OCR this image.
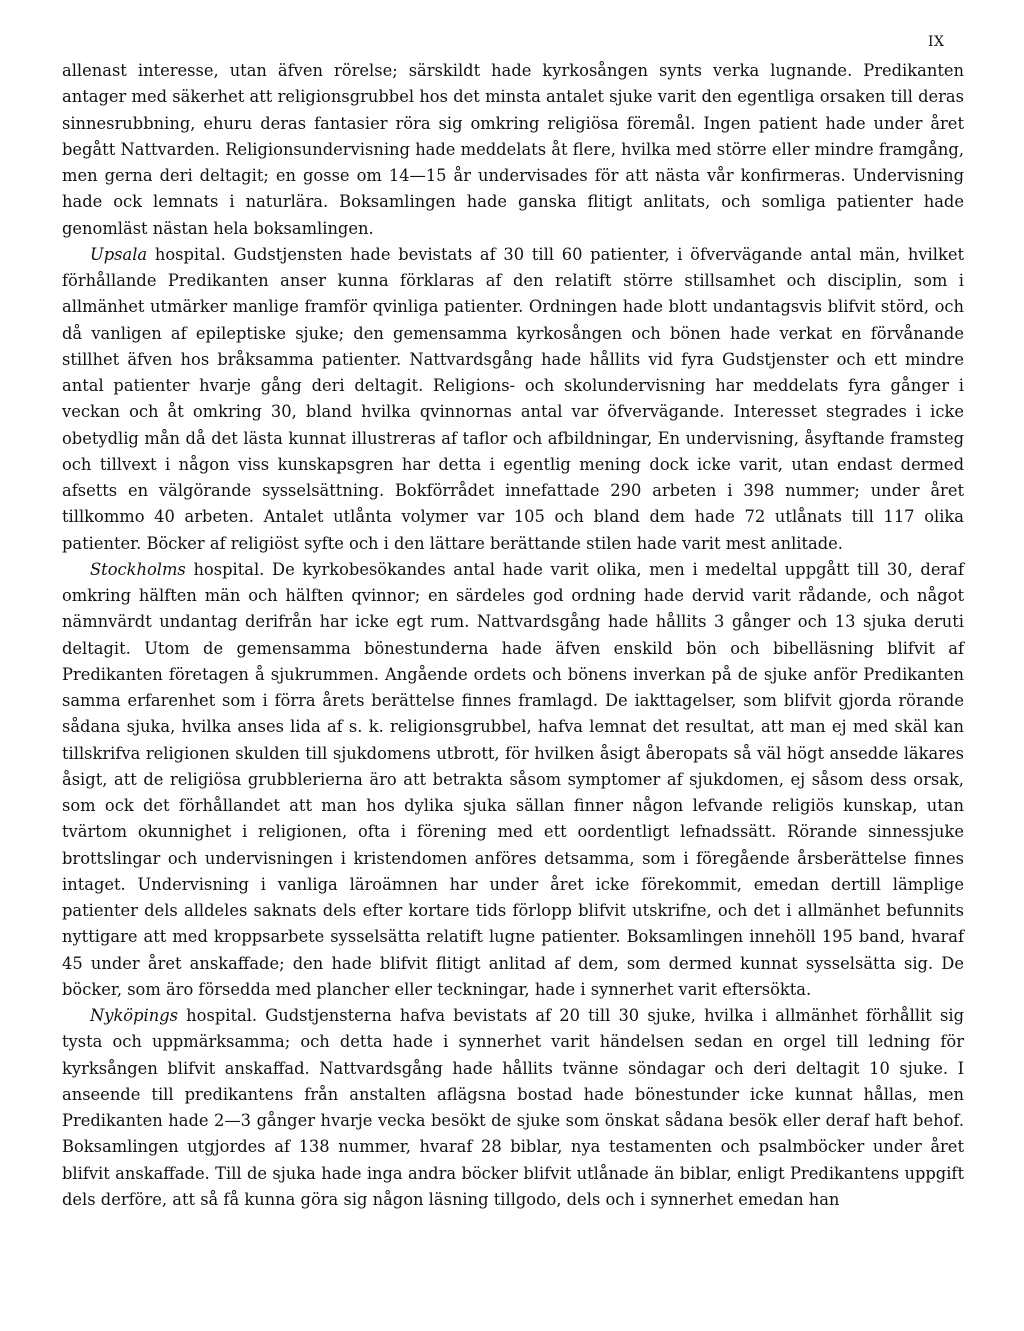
IX

allenast interesse, utan äfven rörelse; särskildt hade kyrkosången synts verka lugnande. Predikanten antager med säkerhet att religionsgrubbel hos det minsta antalet sjuke varit den egentliga orsaken till deras sinnesrubbning, ehuru deras fantasier röra sig omkring religiösa föremål. Ingen patient hade under året begått Nattvarden. Religionsundervisning hade meddelats åt flere, hvilka med större eller mindre framgång, men gerna deri deltagit; en gosse om 14—15 år undervisades för att nästa vår konfirmeras. Undervisning hade ock lemnats i naturlära. Boksamlingen hade ganska flitigt anlitats, och somliga patienter hade genomläst nästan hela boksamlingen.

Upsala hospital. Gudstjensten hade bevistats af 30 till 60 patienter, i öfvervägande antal män, hvilket förhållande Predikanten anser kunna förklaras af den relatift större stillsamhet och disciplin, som i allmänhet utmärker manlige framför qvinliga patienter. Ordningen hade blott undantagsvis blifvit störd, och då vanligen af epileptiske sjuke; den gemensamma kyrkosången och bönen hade verkat en förvånande stillhet äfven hos bråksamma patienter. Nattvardsgång hade hållits vid fyra Gudstjenster och ett mindre antal patienter hvarje gång deri deltagit. Religions- och skolundervisning har meddelats fyra gånger i veckan och åt omkring 30, bland hvilka qvinnornas antal var öfvervägande. Interesset stegrades i icke obetydlig mån då det lästa kunnat illustreras af taflor och afbildningar, En undervisning, åsyftande framsteg och tillvext i någon viss kunskapsgren har detta i egentlig mening dock icke varit, utan endast dermed afsetts en välgörande sysselsättning. Bokförrådet innefattade 290 arbeten i 398 nummer; under året tillkommo 40 arbeten. Antalet utlånta volymer var 105 och bland dem hade 72 utlånats till 117 olika patienter. Böcker af religiöst syfte och i den lättare berättande stilen hade varit mest anlitade.

Stockholms hospital. De kyrkobesökandes antal hade varit olika, men i medeltal uppgått till 30, deraf omkring hälften män och hälften qvinnor; en särdeles god ordning hade dervid varit rådande, och något nämnvärdt undantag derifrån har icke egt rum. Nattvardsgång hade hållits 3 gånger och 13 sjuka deruti deltagit. Utom de gemensamma bönestunderna hade äfven enskild bön och bibelläsning blifvit af Predikanten företagen å sjukrummen. Angående ordets och bönens inverkan på de sjuke anför Predikanten samma erfarenhet som i förra årets berättelse finnes framlagd. De iakttagelser, som blifvit gjorda rörande sådana sjuka, hvilka anses lida af s. k. religionsgrubbel, hafva lemnat det resultat, att man ej med skäl kan tillskrifva religionen skulden till sjukdomens utbrott, för hvilken åsigt åberopats så väl högt ansedde läkares åsigt, att de religiösa grubblerierna äro att betrakta såsom symptomer af sjukdomen, ej såsom dess orsak, som ock det förhållandet att man hos dylika sjuka sällan finner någon lefvande religiös kunskap, utan tvärtom okunnighet i religionen, ofta i förening med ett oordentligt lefnadssätt. Rörande sinnessjuke brottslingar och undervisningen i kristendomen anföres detsamma, som i föregående årsberättelse finnes intaget. Undervisning i vanliga läroämnen har under året icke förekommit, emedan dertill lämplige patienter dels alldeles saknats dels efter kortare tids förlopp blifvit utskrifne, och det i allmänhet befunnits nyttigare att med kroppsarbete sysselsätta relatift lugne patienter. Boksamlingen innehöll 195 band, hvaraf 45 under året anskaffade; den hade blifvit flitigt anlitad af dem, som dermed kunnat sysselsätta sig. De böcker, som äro försedda med plancher eller teckningar, hade i synnerhet varit eftersökta.

Nyköpings hospital. Gudstjensterna hafva bevistats af 20 till 30 sjuke, hvilka i allmänhet förhållit sig tysta och uppmärksamma; och detta hade i synnerhet varit händelsen sedan en orgel till ledning för kyrksången blifvit anskaffad. Nattvardsgång hade hållits tvänne söndagar och deri deltagit 10 sjuke. I anseende till predikantens från anstalten aflägsna bostad hade bönestunder icke kunnat hållas, men Predikanten hade 2—3 gånger hvarje vecka besökt de sjuke som önskat sådana besök eller deraf haft behof. Boksamlingen utgjordes af 138 nummer, hvaraf 28 biblar, nya testamenten och psalmböcker under året blifvit anskaffade. Till de sjuka hade inga andra böcker blifvit utlånade än biblar, enligt Predikantens uppgift dels derföre, att så få kunna göra sig någon läsning tillgodo, dels och i synnerhet emedan han
